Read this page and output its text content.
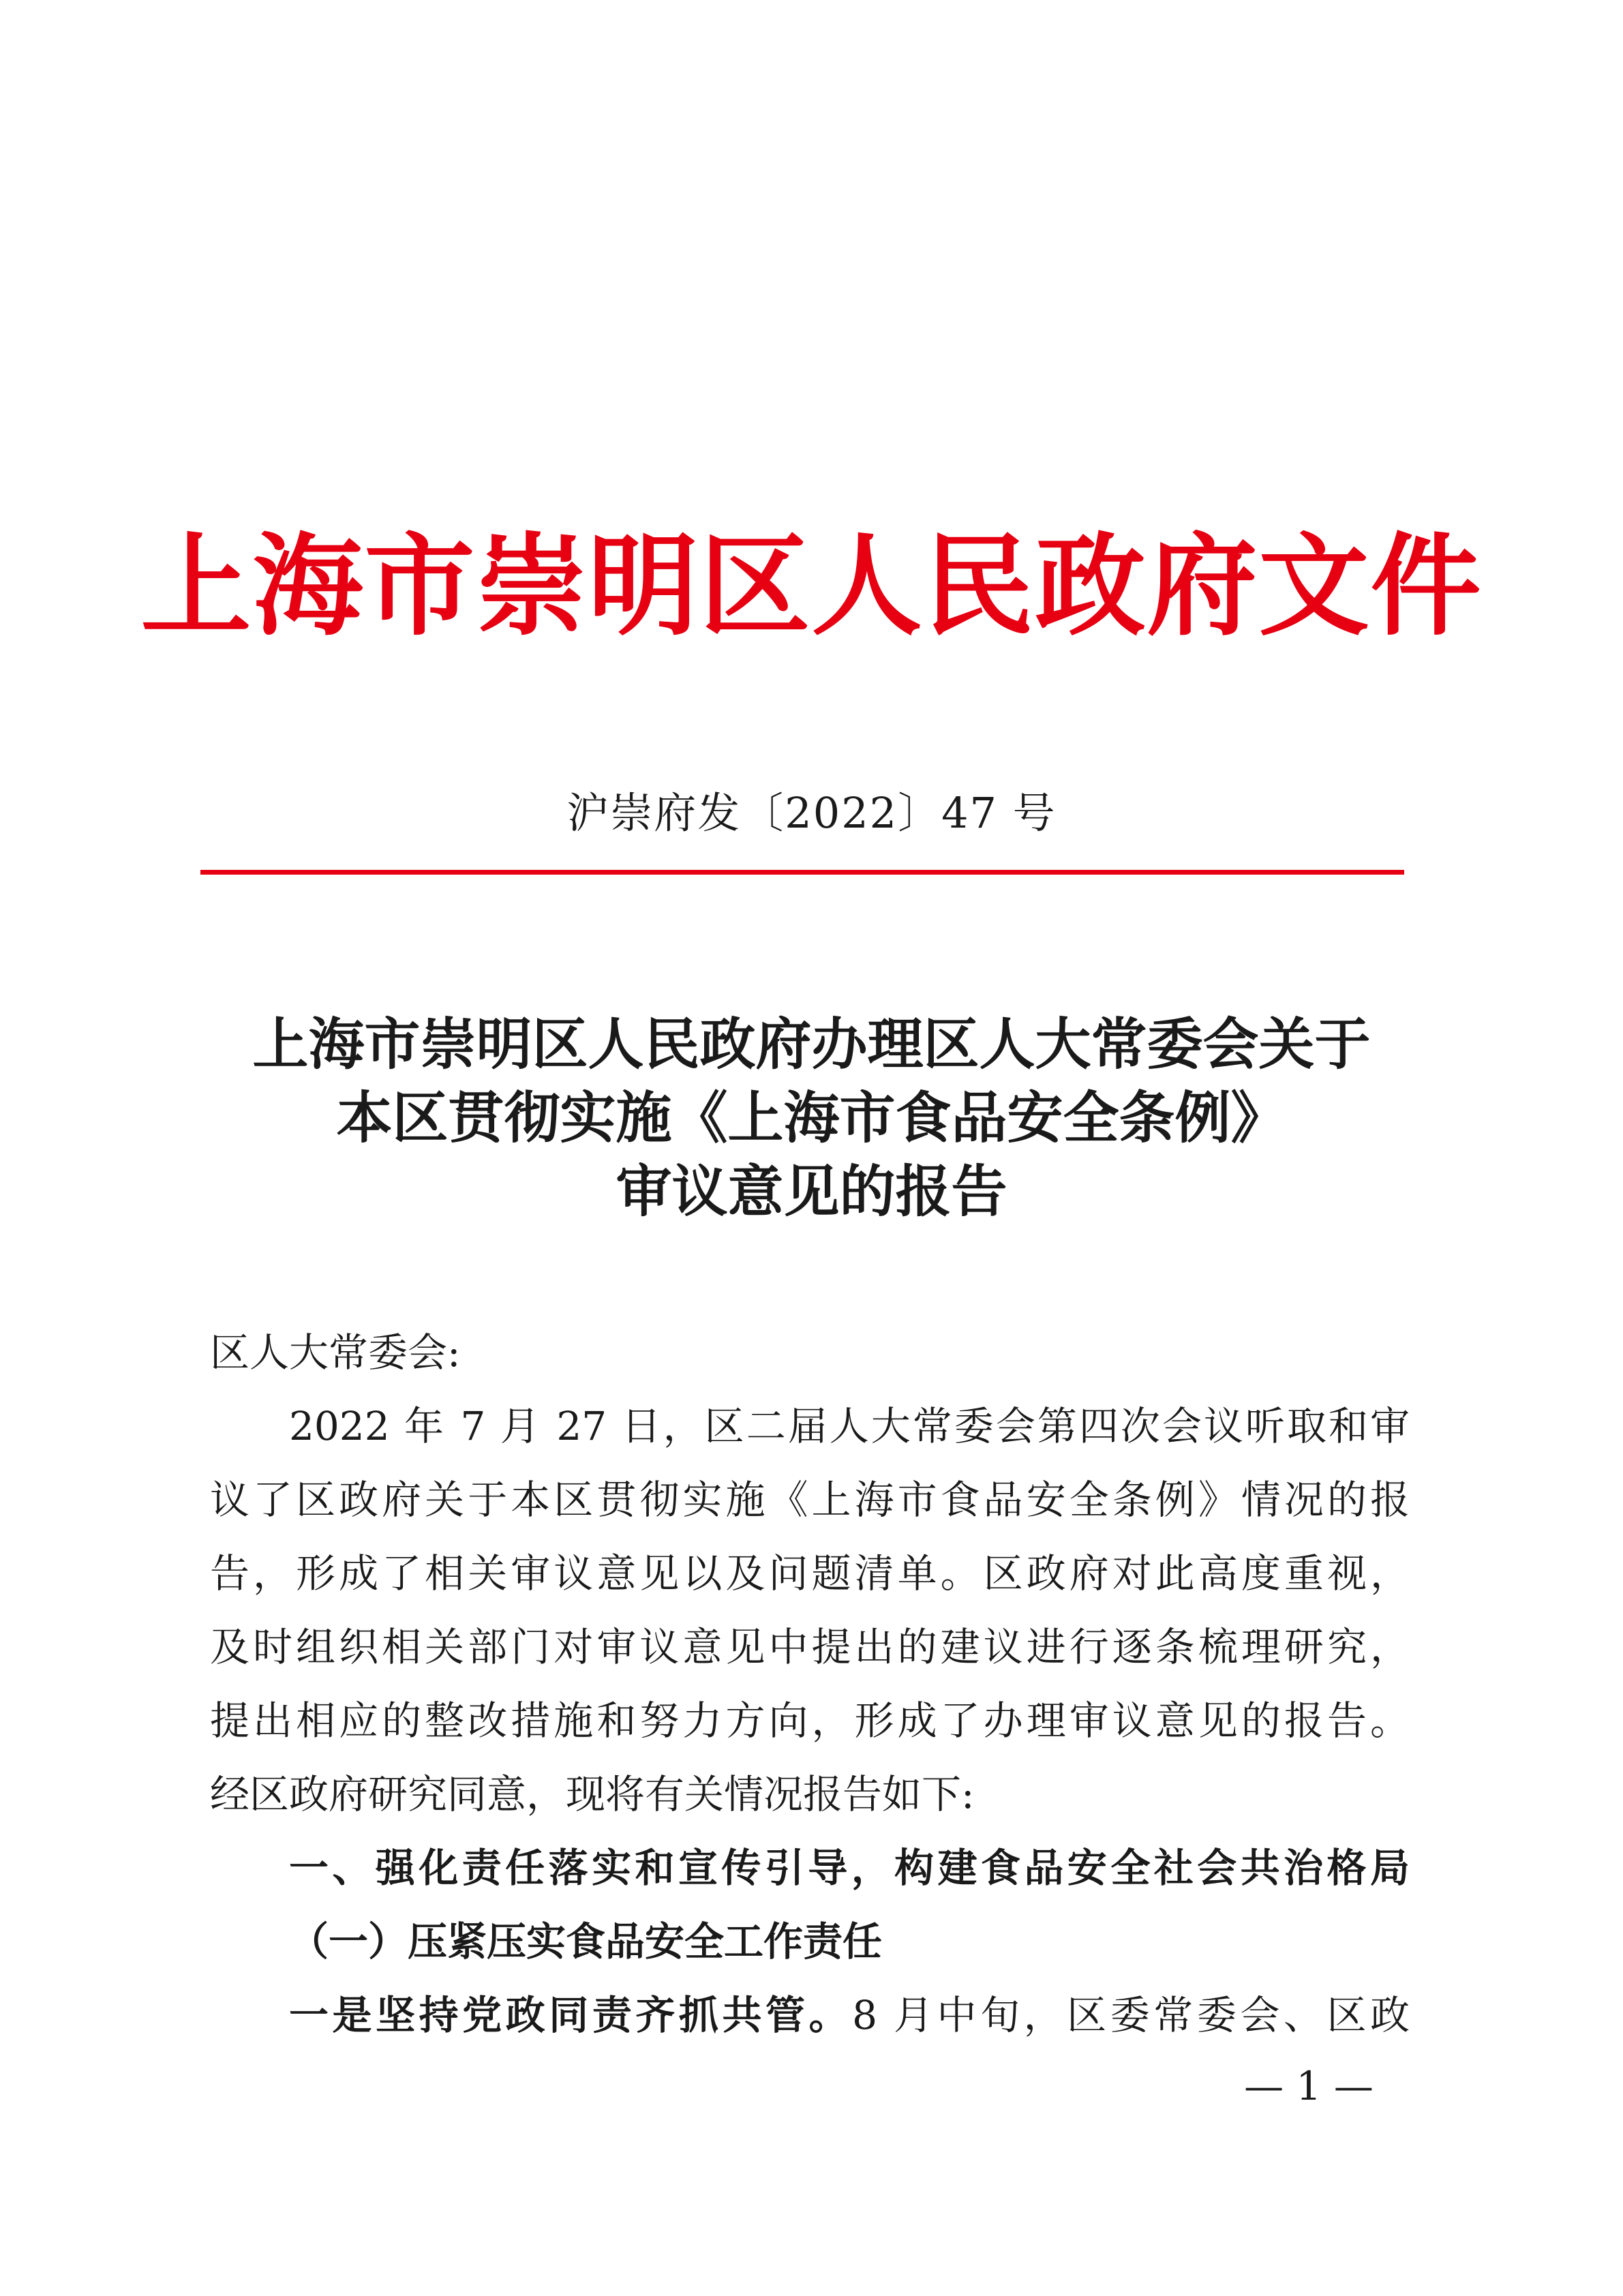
上海市崇明区人民政府文件
沪崇府发〔2022〕47 号
上海市崇明区人民政府办理区人大常委会关于
本区贯彻实施《上海市食品安全条例》
审议意见的报告

区人大常委会:

2022 年 7 月 27 日，区二届人大常委会第四次会议听取和审

议了区政府关于本区贯彻实施《上海市食品安全条例》情况的报

告，形成了相关审议意见以及问题清单。区政府对此高度重视，

及时组织相关部门对审议意见中提出的建议进行逐条梳理研究，

提出相应的整改措施和努力方向，形成了办理审议意见的报告。

经区政府研究同意，现将有关情况报告如下:

一、强化责任落实和宣传引导，构建食品安全社会共治格局

（一）压紧压实食品安全工作责任

一是坚持党政同责齐抓共管。8 月中旬，区委常委会、区政

— 1 —
